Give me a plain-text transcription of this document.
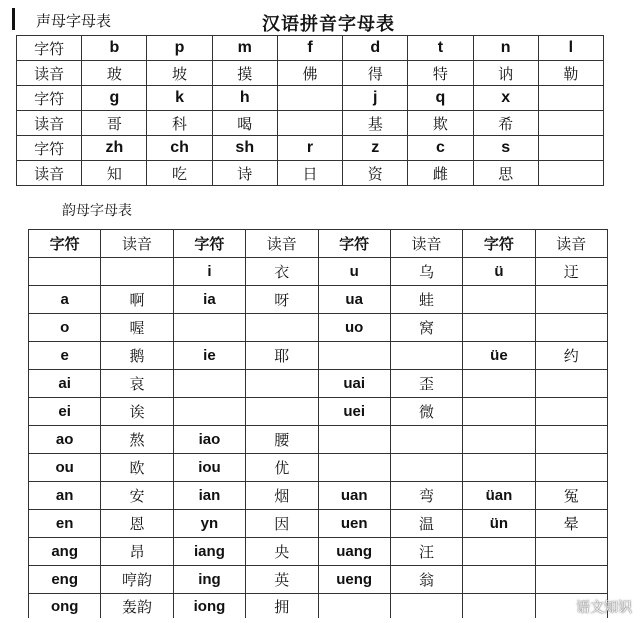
声母字母表	汉语拼音字母表
字符	b	p	m	f	d	t	n	l
读音	玻	坡	摸	佛	得	特	讷	勒
字符	g	k	h		j	q	x	
读音	哥	科	喝		基	欺	希	
字符	zh	ch	sh	r	z	c	s	
读音	知	吃	诗	日	资	雌	思	
韵母字母表
字符	读音	字符	读音	字符	读音	字符	读音
		i	衣	u	乌	ü	迂
a	啊	ia	呀	ua	蛙		
o	喔			uo	窝		
e	鹅	ie	耶			üe	约
ai	哀			uai	歪		
ei	诶			uei	微		
ao	熬	iao	腰				
ou	欧	iou	优				
an	安	ian	烟	uan	弯	üan	冤
en	恩	yn	因	uen	温	ün	晕
ang	昂	iang	央	uang	汪		
eng	哼韵	ing	英	ueng	翁		
ong	轰韵	iong	拥					语文知识
